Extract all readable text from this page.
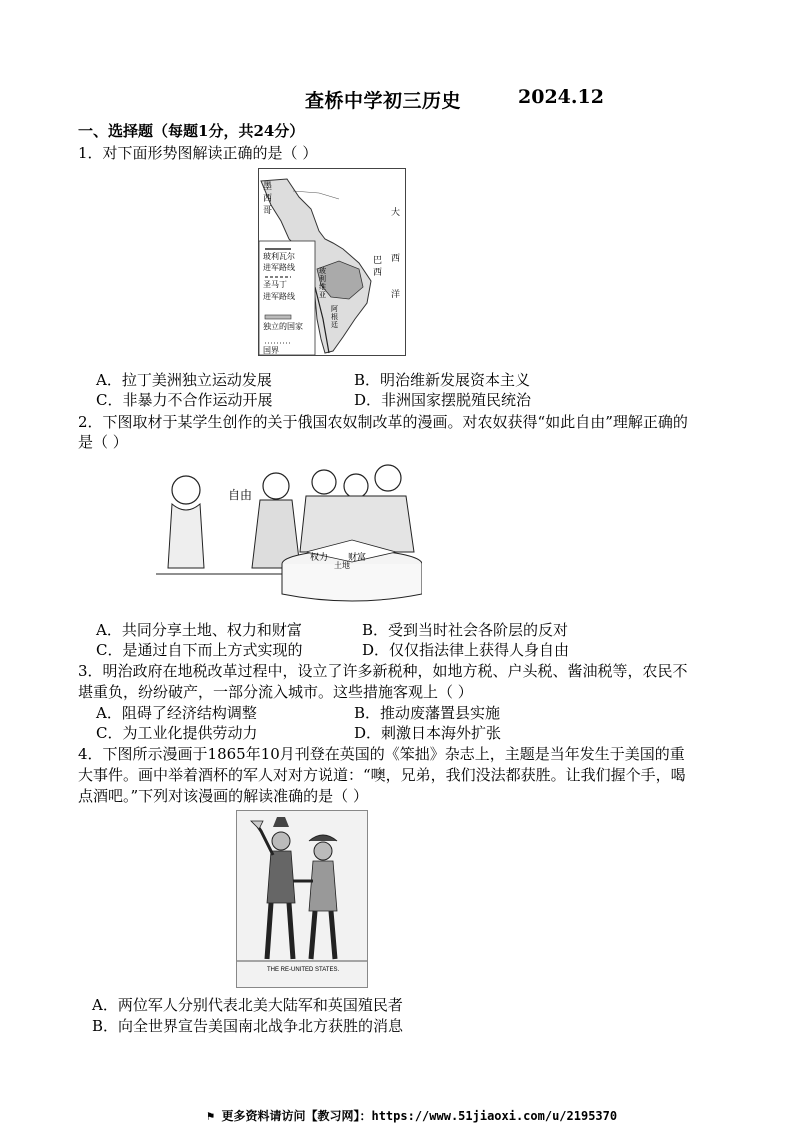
查桥中学初三历史	2024.12
一、选择题（每题1分，共24分）
1．对下面形势图解读正确的是（ ）
墨
西
哥	大
西
洋
巴
西
玻利维亚
阿根廷
玻利瓦尔
进军路线
圣马丁
进军路线
独立的国家
国界
A．拉丁美洲独立运动发展	B．明治维新发展资本主义
C．非暴力不合作运动开展	D．非洲国家摆脱殖民统治
2．下图取材于某学生创作的关于俄国农奴制改革的漫画。对农奴获得“如此自由”理解正确的
是（ ）
自由
权力 财富
土地
A．共同分享土地、权力和财富	B．受到当时社会各阶层的反对
C．是通过自下而上方式实现的	D．仅仅指法律上获得人身自由
3．明治政府在地税改革过程中，设立了许多新税种，如地方税、户头税、酱油税等，农民不
堪重负，纷纷破产，一部分流入城市。这些措施客观上（ ）
A．阻碍了经济结构调整	B．推动废藩置县实施
C．为工业化提供劳动力	D．刺激日本海外扩张
4．下图所示漫画于1865年10月刊登在英国的《笨拙》杂志上，主题是当年发生于美国的重
大事件。画中举着酒杯的军人对对方说道：“噢，兄弟，我们没法都获胜。让我们握个手，喝
点酒吧。”下列对该漫画的解读准确的是（ ）
THE RE-UNITED STATES.
A．两位军人分别代表北美大陆军和英国殖民者
B．向全世界宣告美国南北战争北方获胜的消息
⚑ 更多资料请访问【教习网】：https://www.51jiaoxi.com/u/2195370
